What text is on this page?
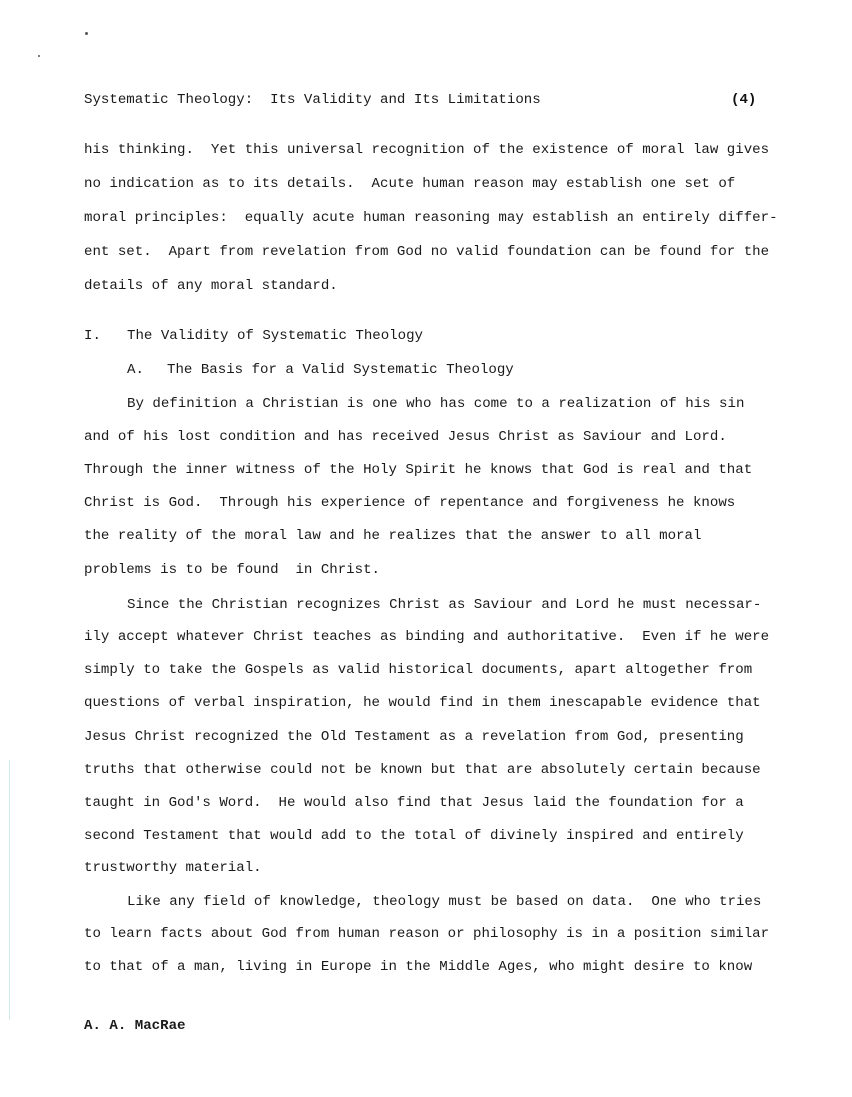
Systematic Theology:  Its Validity and Its Limitations	(4)
his thinking.  Yet this universal recognition of the existence of moral law gives
no indication as to its details.  Acute human reason may establish one set of
moral principles:  equally acute human reasoning may establish an entirely differ-
ent set.  Apart from revelation from God no valid foundation can be found for the
details of any moral standard.
I. The Validity of Systematic Theology
A. The Basis for a Valid Systematic Theology
By definition a Christian is one who has come to a realization of his sin
and of his lost condition and has received Jesus Christ as Saviour and Lord.
Through the inner witness of the Holy Spirit he knows that God is real and that
Christ is God.  Through his experience of repentance and forgiveness he knows
the reality of the moral law and he realizes that the answer to all moral
problems is to be found  in Christ.
Since the Christian recognizes Christ as Saviour and Lord he must necessar-
ily accept whatever Christ teaches as binding and authoritative.  Even if he were
simply to take the Gospels as valid historical documents, apart altogether from
questions of verbal inspiration, he would find in them inescapable evidence that
Jesus Christ recognized the Old Testament as a revelation from God, presenting
truths that otherwise could not be known but that are absolutely certain because
taught in God's Word.  He would also find that Jesus laid the foundation for a
second Testament that would add to the total of divinely inspired and entirely
trustworthy material.
Like any field of knowledge, theology must be based on data.  One who tries
to learn facts about God from human reason or philosophy is in a position similar
to that of a man, living in Europe in the Middle Ages, who might desire to know
A. A. MacRae
